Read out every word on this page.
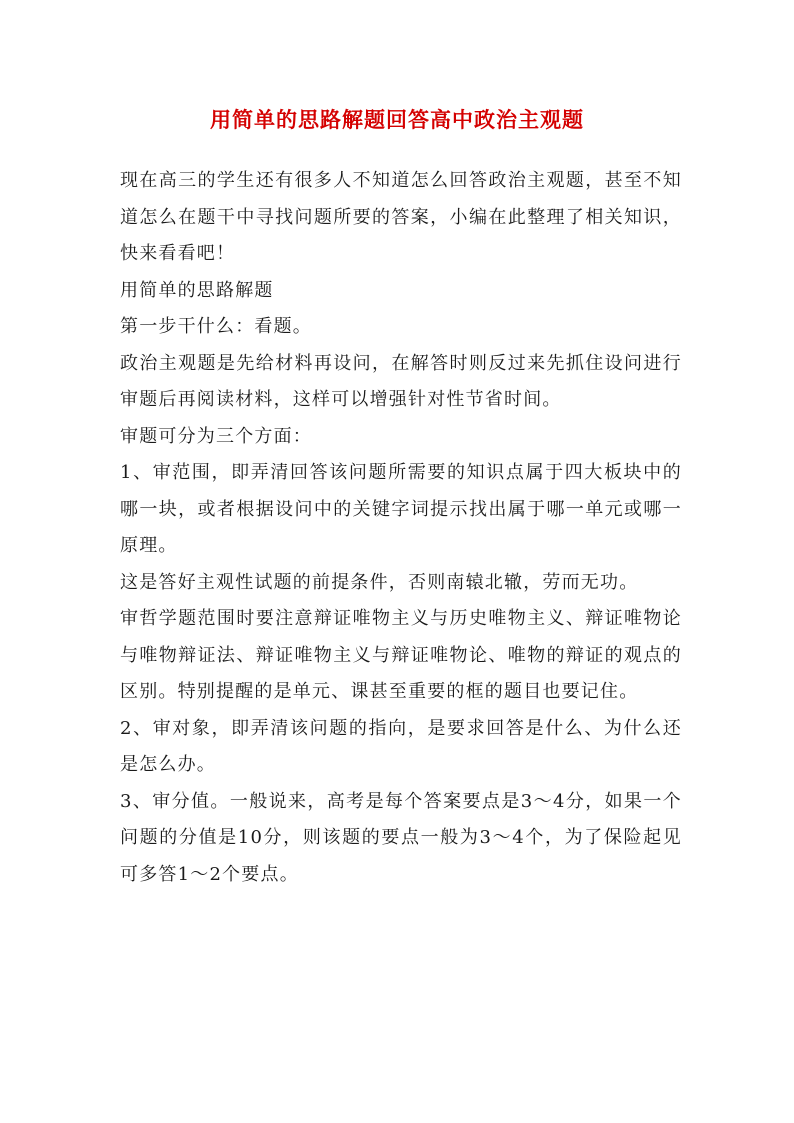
用简单的思路解题回答高中政治主观题

现在高三的学生还有很多人不知道怎么回答政治主观题，甚至不知道怎么在题干中寻找问题所要的答案，小编在此整理了相关知识，快来看看吧！

用简单的思路解题

第一步干什么：看题。

政治主观题是先给材料再设问，在解答时则反过来先抓住设问进行审题后再阅读材料，这样可以增强针对性节省时间。

审题可分为三个方面：

1、审范围，即弄清回答该问题所需要的知识点属于四大板块中的哪一块，或者根据设问中的关键字词提示找出属于哪一单元或哪一原理。

这是答好主观性试题的前提条件，否则南辕北辙，劳而无功。

审哲学题范围时要注意辩证唯物主义与历史唯物主义、辩证唯物论与唯物辩证法、辩证唯物主义与辩证唯物论、唯物的辩证的观点的区别。特别提醒的是单元、课甚至重要的框的题目也要记住。

2、审对象，即弄清该问题的指向，是要求回答是什么、为什么还是怎么办。

3、审分值。一般说来，高考是每个答案要点是3～4分，如果一个问题的分值是10分，则该题的要点一般为3～4个，为了保险起见可多答1～2个要点。
